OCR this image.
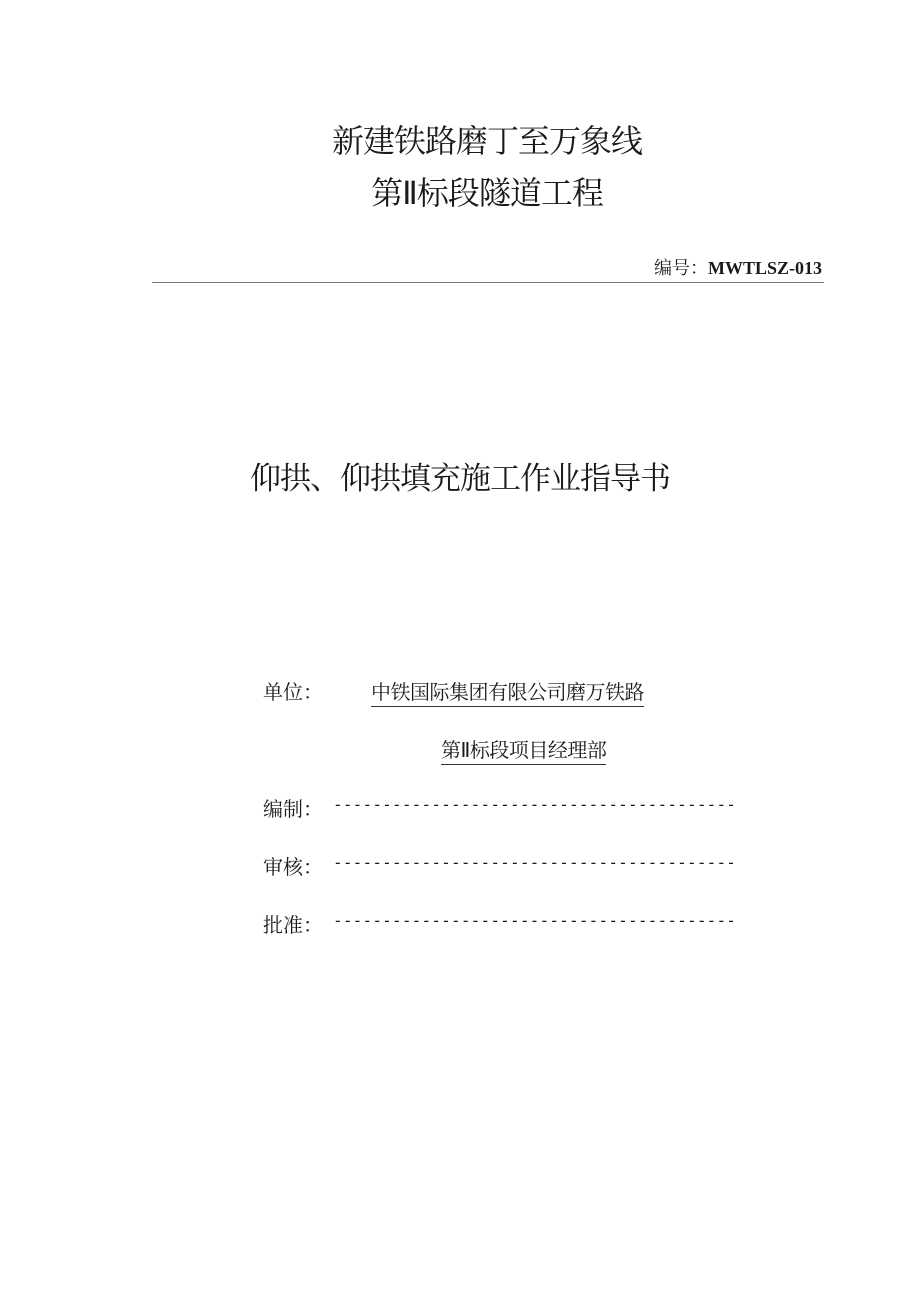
新建铁路磨丁至万象线
第Ⅱ标段隧道工程
编号：MWTLSZ-013
仰拱、仰拱填充施工作业指导书
单位： 中铁国际集团有限公司磨万铁路
第Ⅱ标段项目经理部
编制： -----------------------------------------
审核： -----------------------------------------
批准： -----------------------------------------
